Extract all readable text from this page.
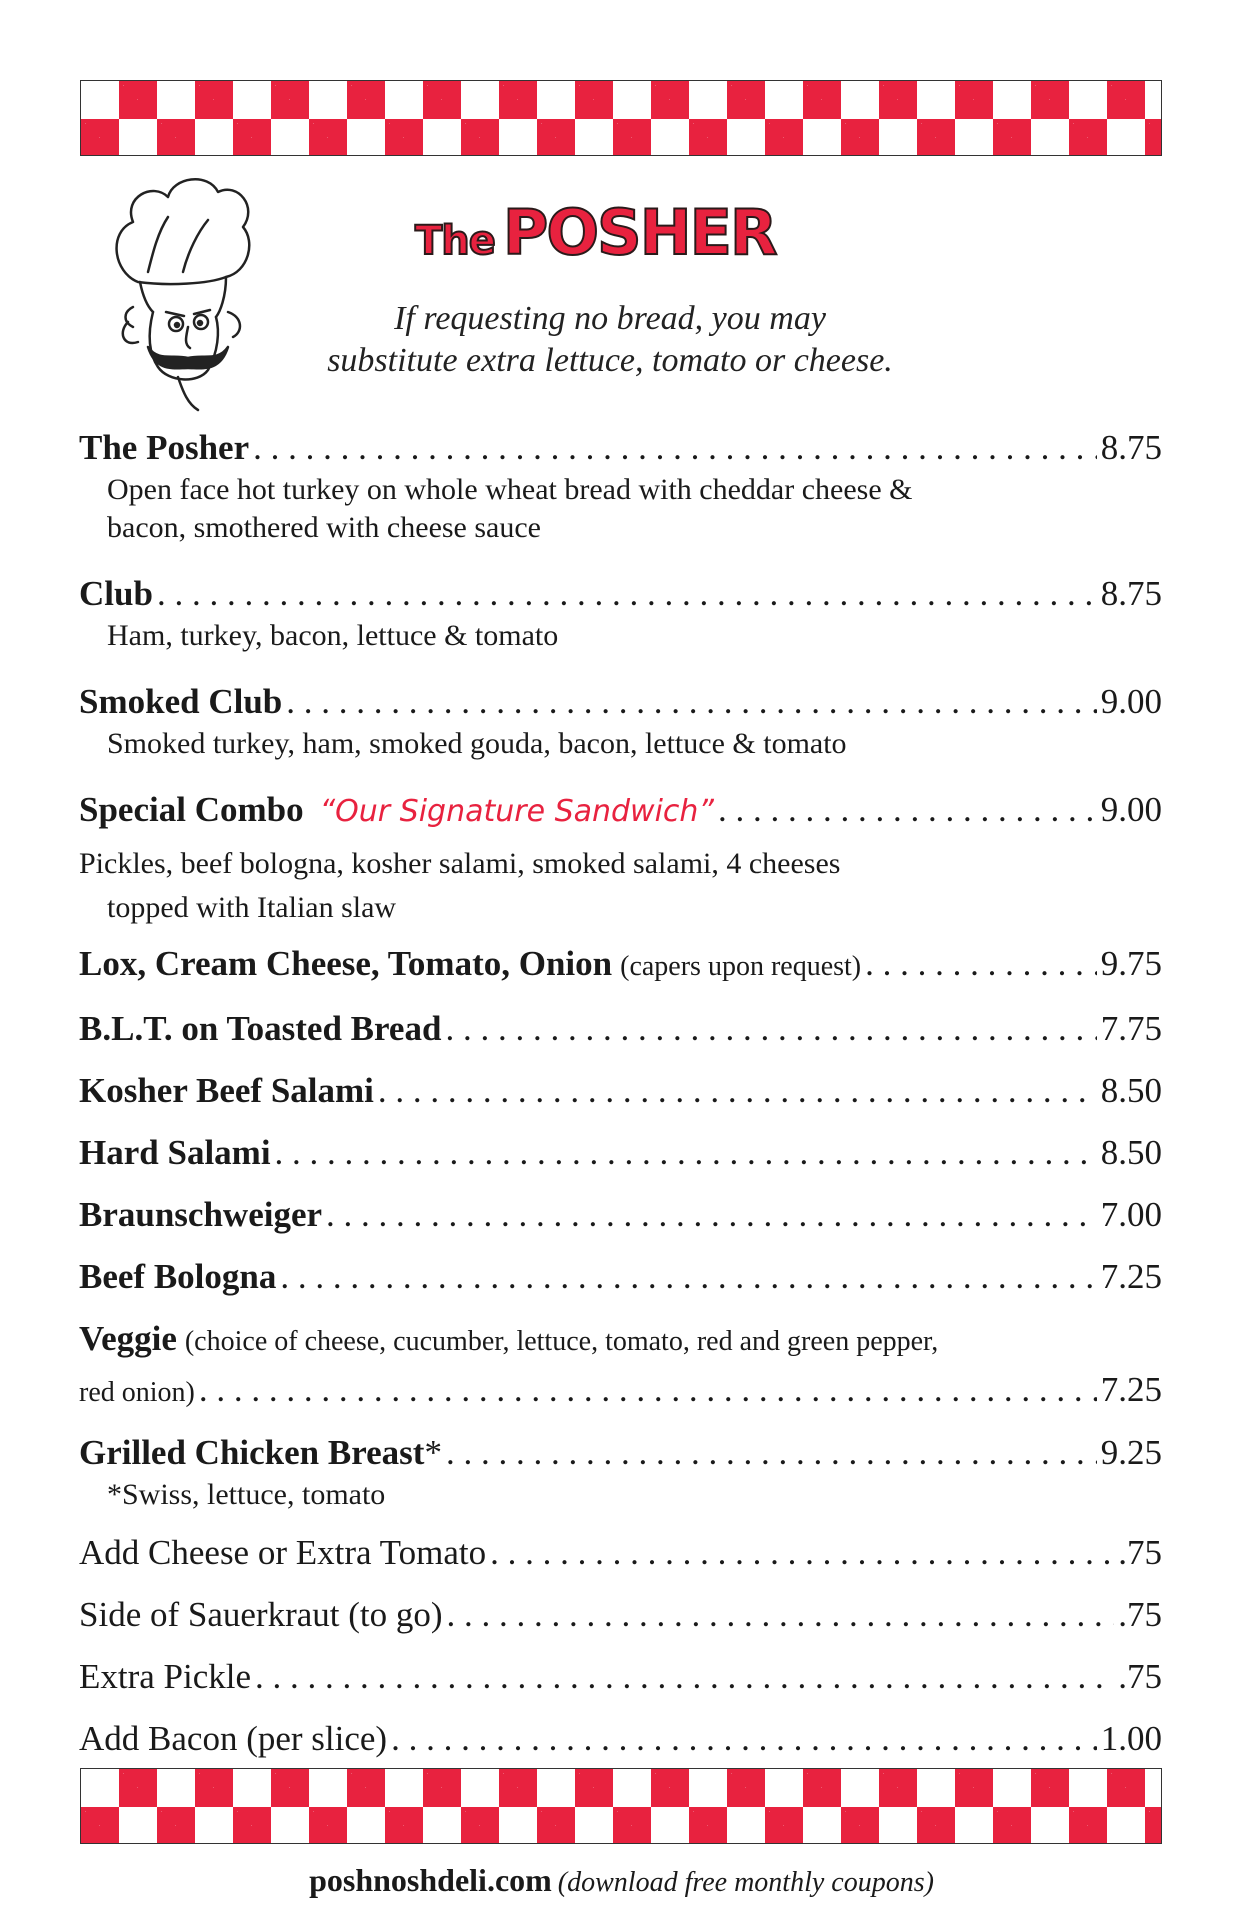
The POSHER
If requesting no bread, you may
substitute extra lettuce, tomato or cheese.
The Posher . . .	8.75
Open face hot turkey on whole wheat bread with cheddar cheese &
bacon, smothered with cheese sauce
Club . . .	8.75
Ham, turkey, bacon, lettuce & tomato
Smoked Club . . .	9.00
Smoked turkey, ham, smoked gouda, bacon, lettuce & tomato
Special Combo “Our Signature Sandwich” . . .	9.00
Pickles, beef bologna, kosher salami, smoked salami, 4 cheeses
topped with Italian slaw
Lox, Cream Cheese, Tomato, Onion (capers upon request) . . .	9.75
B.L.T. on Toasted Bread . . .	7.75
Kosher Beef Salami . . .	8.50
Hard Salami . . .	8.50
Braunschweiger . . .	7.00
Beef Bologna . . .	7.25
Veggie (choice of cheese, cucumber, lettuce, tomato, red and green pepper,
red onion) . . .	7.25
Grilled Chicken Breast * . . .	9.25
*Swiss, lettuce, tomato
Add Cheese or Extra Tomato . . .	.75
Side of Sauerkraut (to go) . . .	.75
Extra Pickle . . .	.75
Add Bacon (per slice) . . .	1.00
poshnoshdeli.com (download free monthly coupons)
